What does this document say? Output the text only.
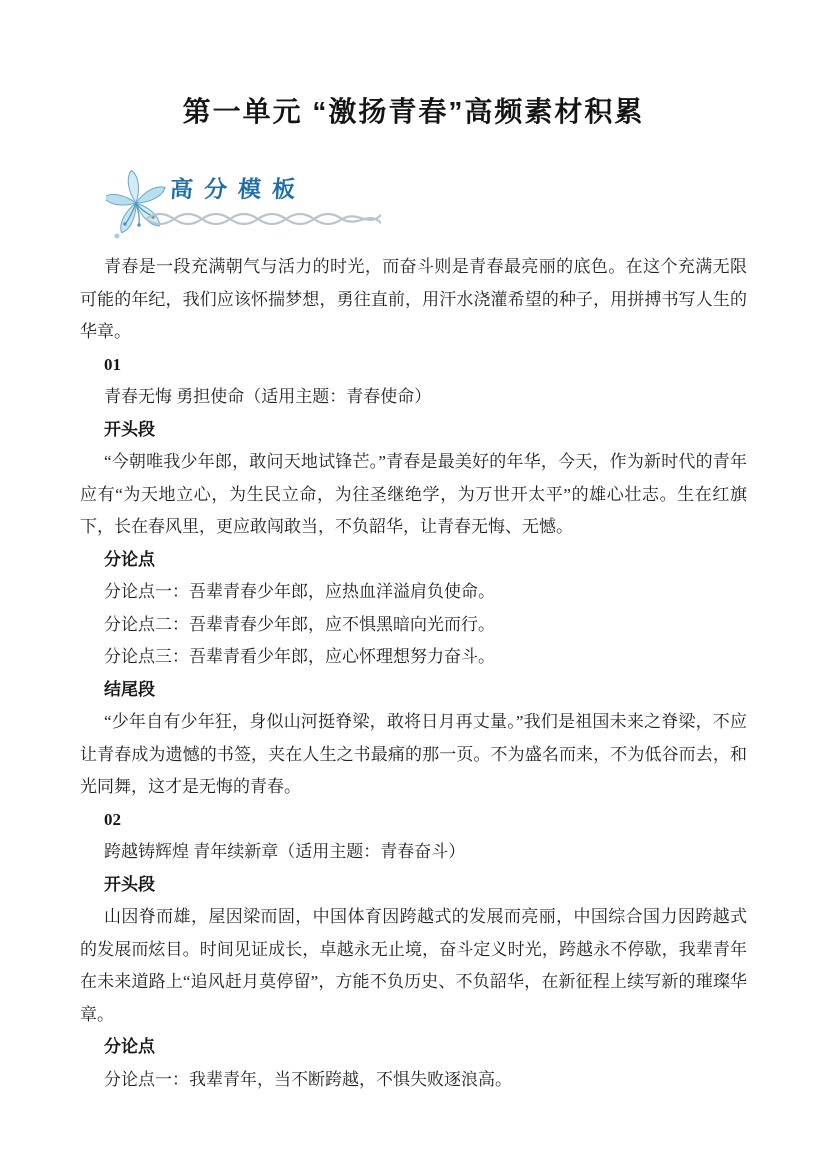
第一单元 “激扬青春”高频素材积累
高分模板

青春是一段充满朝气与活力的时光，而奋斗则是青春最亮丽的底色。在这个充满无限可能的年纪，我们应该怀揣梦想，勇往直前，用汗水浇灌希望的种子，用拼搏书写人生的华章。

01

青春无悔 勇担使命（适用主题：青春使命）

开头段

“今朝唯我少年郎，敢问天地试锋芒。”青春是最美好的年华，今天，作为新时代的青年应有“为天地立心，为生民立命，为往圣继绝学，为万世开太平”的雄心壮志。生在红旗下，长在春风里，更应敢闯敢当，不负韶华，让青春无悔、无憾。

分论点

分论点一：吾辈青春少年郎，应热血洋溢肩负使命。

分论点二：吾辈青春少年郎，应不惧黑暗向光而行。

分论点三：吾辈青看少年郎，应心怀理想努力奋斗。

结尾段

“少年自有少年狂，身似山河挺脊梁，敢将日月再丈量。”我们是祖国未来之脊梁，不应让青春成为遗憾的书签，夹在人生之书最痛的那一页。不为盛名而来，不为低谷而去，和光同舞，这才是无悔的青春。

02

跨越铸辉煌 青年续新章（适用主题：青春奋斗）

开头段

山因脊而雄，屋因梁而固，中国体育因跨越式的发展而亮丽，中国综合国力因跨越式的发展而炫目。时间见证成长，卓越永无止境，奋斗定义时光，跨越永不停歇，我辈青年在未来道路上“追风赶月莫停留”，方能不负历史、不负韶华，在新征程上续写新的璀璨华章。

分论点

分论点一：我辈青年，当不断跨越，不惧失败逐浪高。
